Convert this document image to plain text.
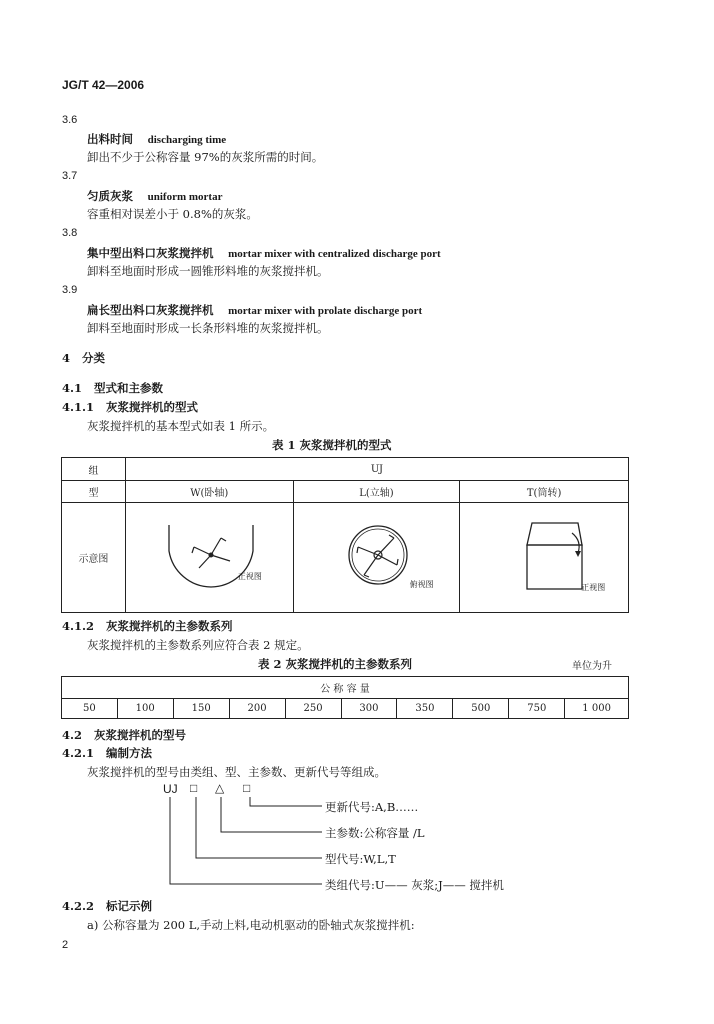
JG/T 42—2006
3.6
出料时间 discharging time
卸出不少于公称容量 97%的灰浆所需的时间。
3.7
匀质灰浆 uniform mortar
容重相对误差小于 0.8%的灰浆。
3.8
集中型出料口灰浆搅拌机 mortar mixer with centralized discharge port
卸料至地面时形成一圆锥形料堆的灰浆搅拌机。
3.9
扁长型出料口灰浆搅拌机 mortar mixer with prolate discharge port
卸料至地面时形成一长条形料堆的灰浆搅拌机。
4 分类
4.1 型式和主参数
4.1.1 灰浆搅拌机的型式
灰浆搅拌机的基本型式如表 1 所示。
表 1 灰浆搅拌机的型式
组	UJ		
型	W(卧轴)	L(立轴)	T(筒转)
示意图	正视图	俯视图	正视图
4.1.2 灰浆搅拌机的主参数系列
灰浆搅拌机的主参数系列应符合表 2 规定。
表 2 灰浆搅拌机的主参数系列	单位为升
公 称 容 量
50	100	150	200	250	300	350	500	750	1 000
4.2 灰浆搅拌机的型号
4.2.1 编制方法
灰浆搅拌机的型号由类组、型、主参数、更新代号等组成。
UJ □ △ □
更新代号:A,B……
主参数:公称容量 /L
型代号:W,L,T
类组代号:U—— 灰浆;J—— 搅拌机
4.2.2 标记示例
a) 公称容量为 200 L,手动上料,电动机驱动的卧轴式灰浆搅拌机:
2
